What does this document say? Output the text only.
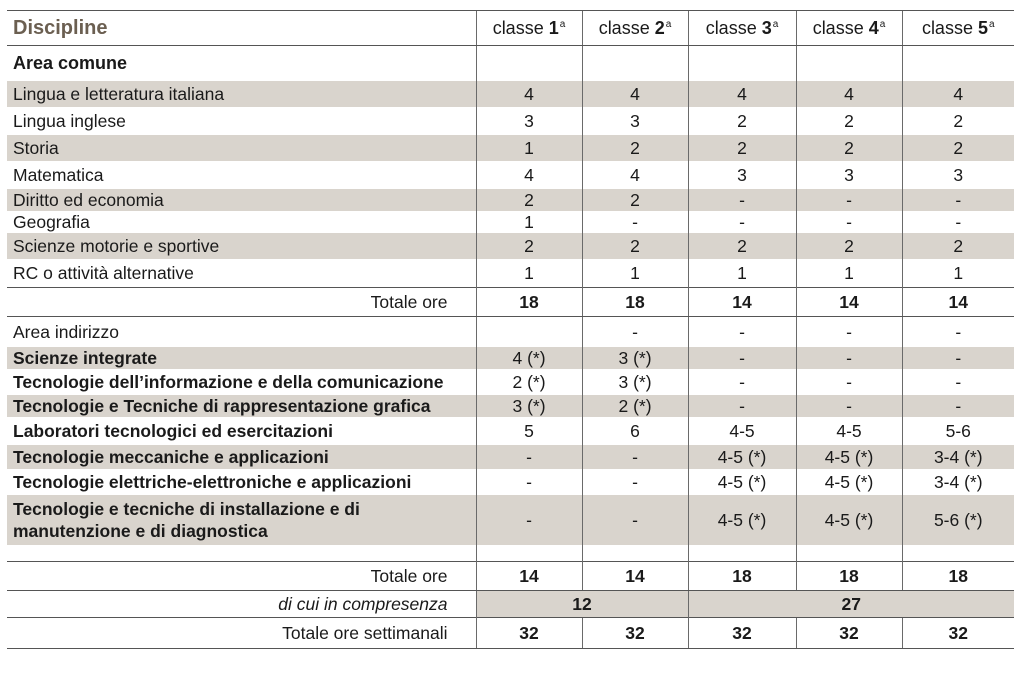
Discipline	classe 1$^a$	classe 2$^a$	classe 3$^a$	classe 4$^a$	classe 5$^a$
Area comune					
Lingua e letteratura italiana	4	4	4	4	4
Lingua inglese	3	3	2	2	2
Storia	1	2	2	2	2
Matematica	4	4	3	3	3
Diritto ed economia	2	2	-	-	-
Geografia	1	-	-	-	-
Scienze motorie e sportive	2	2	2	2	2
RC o attività alternative	1	1	1	1	1
Totale ore	18	18	14	14	14
Area indirizzo		-	-	-	-
Scienze integrate	4 (*)	3 (*)	-	-	-
Tecnologie dell’informazione e della comunicazione	2 (*)	3 (*)	-	-	-
Tecnologie e Tecniche di rappresentazione grafica	3 (*)	2 (*)	-	-	-
Laboratori tecnologici ed esercitazioni	5	6	4-5	4-5	5-6
Tecnologie meccaniche e applicazioni	-	-	4-5 (*)	4-5 (*)	3-4 (*)
Tecnologie elettriche-elettroniche e applicazioni	-	-	4-5 (*)	4-5 (*)	3-4 (*)
Tecnologie e tecniche di installazione e di manutenzione e di diagnostica	-	-	4-5 (*)	4-5 (*)	5-6 (*)

Totale ore	14	14	18	18	18
di cui in compresenza	12		27		
Totale ore settimanali	32	32	32	32	32
